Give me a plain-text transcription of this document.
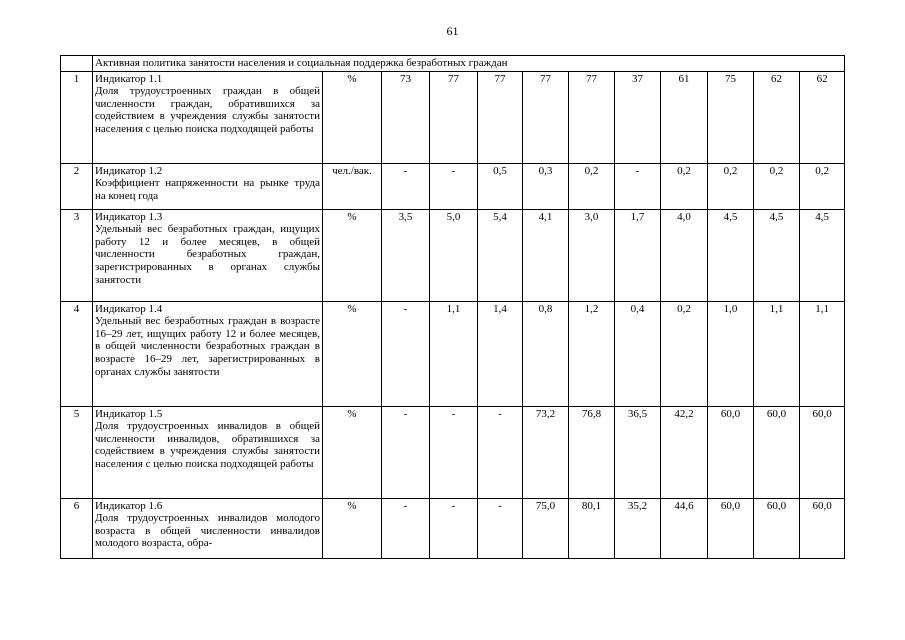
61
	Активная политика занятости населения и социальная поддержка безработных граждан											
1	Индикатор 1.1
Доля трудоустроенных граждан в общей численности граждан, обратившихся за содействием в учреждения службы занятости населения с целью поиска подходящей работы	%	73	77	77	77	77	37	61	75	62	62
2	Индикатор 1.2
Коэффициент напряженности на рынке труда на конец года	чел./вак.	-	-	0,5	0,3	0,2	-	0,2	0,2	0,2	0,2
3	Индикатор 1.3
Удельный вес безработных граждан, ищущих работу 12 и более месяцев, в общей численности безработных граждан, зарегистрированных в органах службы занятости	%	3,5	5,0	5,4	4,1	3,0	1,7	4,0	4,5	4,5	4,5
4	Индикатор 1.4
Удельный вес безработных граждан в возрасте 16–29 лет, ищущих работу 12 и более месяцев, в общей численности безработных граждан в возрасте 16–29 лет, зарегистрированных в органах службы занятости	%	-	1,1	1,4	0,8	1,2	0,4	0,2	1,0	1,1	1,1
5	Индикатор 1.5
Доля трудоустроенных инвалидов в общей численности инвалидов, обратившихся за содействием в учреждения службы занятости населения с целью поиска подходящей работы	%	-	-	-	73,2	76,8	36,5	42,2	60,0	60,0	60,0
6	Индикатор 1.6
Доля трудоустроенных инвалидов молодого возраста в общей численности инвалидов молодого возраста, обра-	%	-	-	-	75,0	80,1	35,2	44,6	60,0	60,0	60,0
